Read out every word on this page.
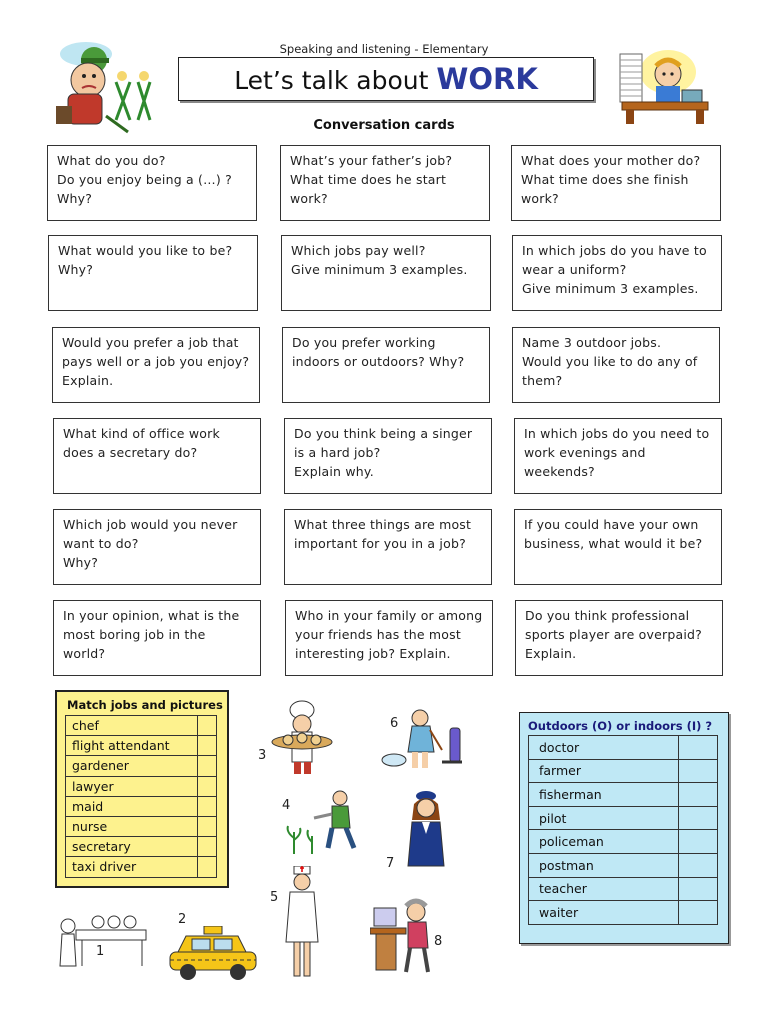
Speaking and listening - Elementary
Let’s talk about WORK
Conversation cards
What do you do?
Do you enjoy being a (…) ?
Why?
What’s your father’s job?
What time does he start
work?
What does your mother do?
What time does she finish
work?
What would you like to be?
Why?
Which jobs pay well?
Give minimum 3 examples.
In which jobs do you have to
wear a uniform?
Give minimum 3 examples.
Would you prefer a job that
pays well or a job you enjoy?
Explain.
Do you prefer working
indoors or outdoors? Why?
Name 3 outdoor jobs.
Would you like to do any of
them?
What kind of office work
does a secretary do?
Do you think being a singer
is a hard job?
Explain why.
In which jobs do you need to
work evenings and
weekends?
Which job would you never
want to do?
Why?
What three things are most
important for you in a job?
If you could have your own
business, what would it be?
In your opinion, what is the
most boring job in the
world?
Who in your family or among
your friends has the most
interesting job? Explain.
Do you think professional
sports player are overpaid?
Explain.
Match jobs and pictures
chef	
flight attendant	
gardener	
lawyer	
maid	
nurse	
secretary	
taxi driver	
1
2
3
4
5
6
7
8
Outdoors (O) or indoors (I) ?
doctor	
farmer	
fisherman	
pilot	
policeman	
postman	
teacher	
waiter	
